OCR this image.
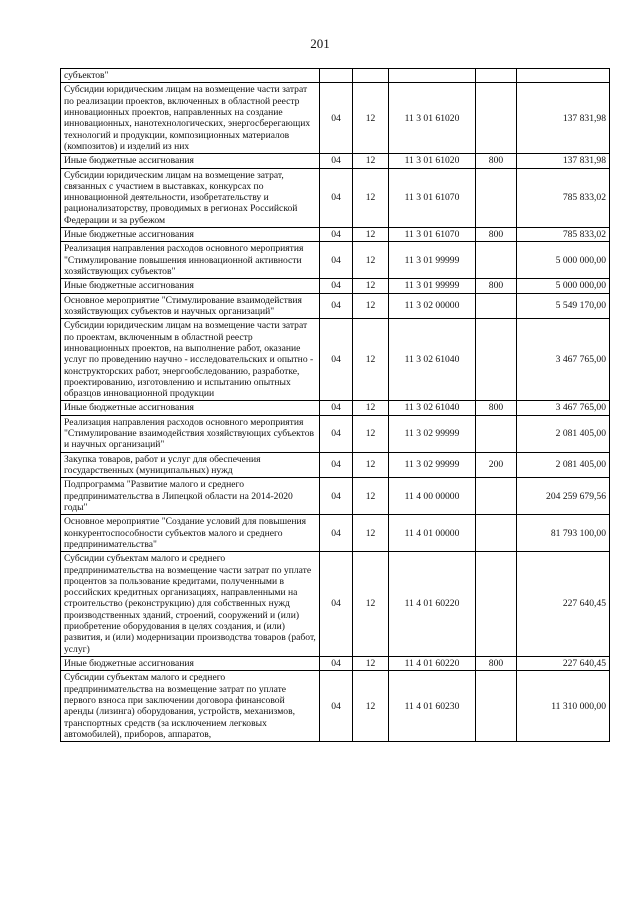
201
субъектов"					
Субсидии юридическим лицам на возмещение части затрат по реализации проектов, включенных в областной реестр инновационных проектов, направленных на создание инновационных, нанотехнологических, энергосберегающих технологий и продукции, композиционных материалов (композитов) и изделий из них	04	12	11 3 01 61020		137 831,98
Иные бюджетные ассигнования	04	12	11 3 01 61020	800	137 831,98
Субсидии юридическим лицам на возмещение затрат, связанных с участием в выставках, конкурсах по инновационной деятельности, изобретательству и рационализаторству, проводимых в регионах Российской Федерации и за рубежом	04	12	11 3 01 61070		785 833,02
Иные бюджетные ассигнования	04	12	11 3 01 61070	800	785 833,02
Реализация направления расходов основного мероприятия "Стимулирование повышения инновационной активности хозяйствующих субъектов"	04	12	11 3 01 99999		5 000 000,00
Иные бюджетные ассигнования	04	12	11 3 01 99999	800	5 000 000,00
Основное мероприятие "Стимулирование взаимодействия хозяйствующих субъектов и научных организаций"	04	12	11 3 02 00000		5 549 170,00
Субсидии юридическим лицам на возмещение части затрат по проектам, включенным в областной реестр инновационных проектов, на выполнение работ, оказание услуг по проведению научно - исследовательских и опытно - конструкторских работ, энергообследованию, разработке, проектированию, изготовлению и испытанию опытных образцов инновационной продукции	04	12	11 3 02 61040		3 467 765,00
Иные бюджетные ассигнования	04	12	11 3 02 61040	800	3 467 765,00
Реализация направления расходов основного мероприятия "Стимулирование взаимодействия хозяйствующих субъектов и научных организаций"	04	12	11 3 02 99999		2 081 405,00
Закупка товаров, работ и услуг для обеспечения государственных (муниципальных) нужд	04	12	11 3 02 99999	200	2 081 405,00
Подпрограмма "Развитие малого и среднего предпринимательства в Липецкой области на 2014-2020 годы"	04	12	11 4 00 00000		204 259 679,56
Основное мероприятие "Создание условий для повышения конкурентоспособности субъектов малого и среднего предпринимательства"	04	12	11 4 01 00000		81 793 100,00
Субсидии субъектам малого и среднего предпринимательства на возмещение части затрат по уплате процентов за пользование кредитами, полученными в российских кредитных организациях, направленными на строительство (реконструкцию) для собственных нужд производственных зданий, строений, сооружений и (или) приобретение оборудования в целях создания, и (или) развития, и (или) модернизации производства товаров (работ, услуг)	04	12	11 4 01 60220		227 640,45
Иные бюджетные ассигнования	04	12	11 4 01 60220	800	227 640,45
Субсидии субъектам малого и среднего предпринимательства на возмещение затрат по уплате первого взноса при заключении договора финансовой аренды (лизинга) оборудования, устройств, механизмов, транспортных средств (за исключением легковых автомобилей), приборов, аппаратов,	04	12	11 4 01 60230		11 310 000,00
